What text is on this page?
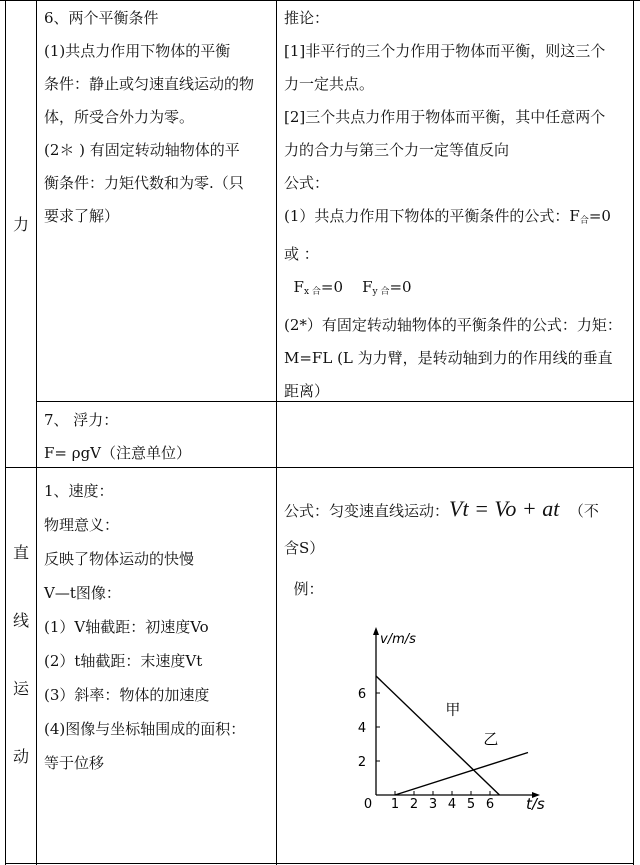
力
直
线
运
动

6、两个平衡条件

(1)共点力作用下物体的平衡

条件：静止或匀速直线运动的物

体，所受合外力为零。

(2＊ ) 有固定转动轴物体的平

衡条件：力矩代数和为零.（只

要求了解）

推论：

[1]非平行的三个力作用于物体而平衡，则这三个

力一定共点。

[2]三个共点力作用于物体而平衡，其中任意两个

力的合力与第三个力一定等值反向

公式：

(1）共点力作用下物体的平衡条件的公式：$F_合=0$

或 ：

$F_{x 合}=0$ $F_{y 合}=0$

(2*）有固定转动轴物体的平衡条件的公式：力矩：

M=FL (L 为力臂，是转动轴到力的作用线的垂直

距离）

7、 浮力：

F= ρgV（注意单位）

1、速度：

物理意义：

反映了物体运动的快慢

V—t图像：

(1）V轴截距：初速度Vo

(2）t轴截距：末速度Vt

(3）斜率：物体的加速度

(4)图像与坐标轴围成的面积：

等于位移

公式：匀变速直线运动：Vt = Vo + at （不

含S）

例：

1 2 3 4 5 6
2
4
6
0	t/s
v/m/s
甲
乙
